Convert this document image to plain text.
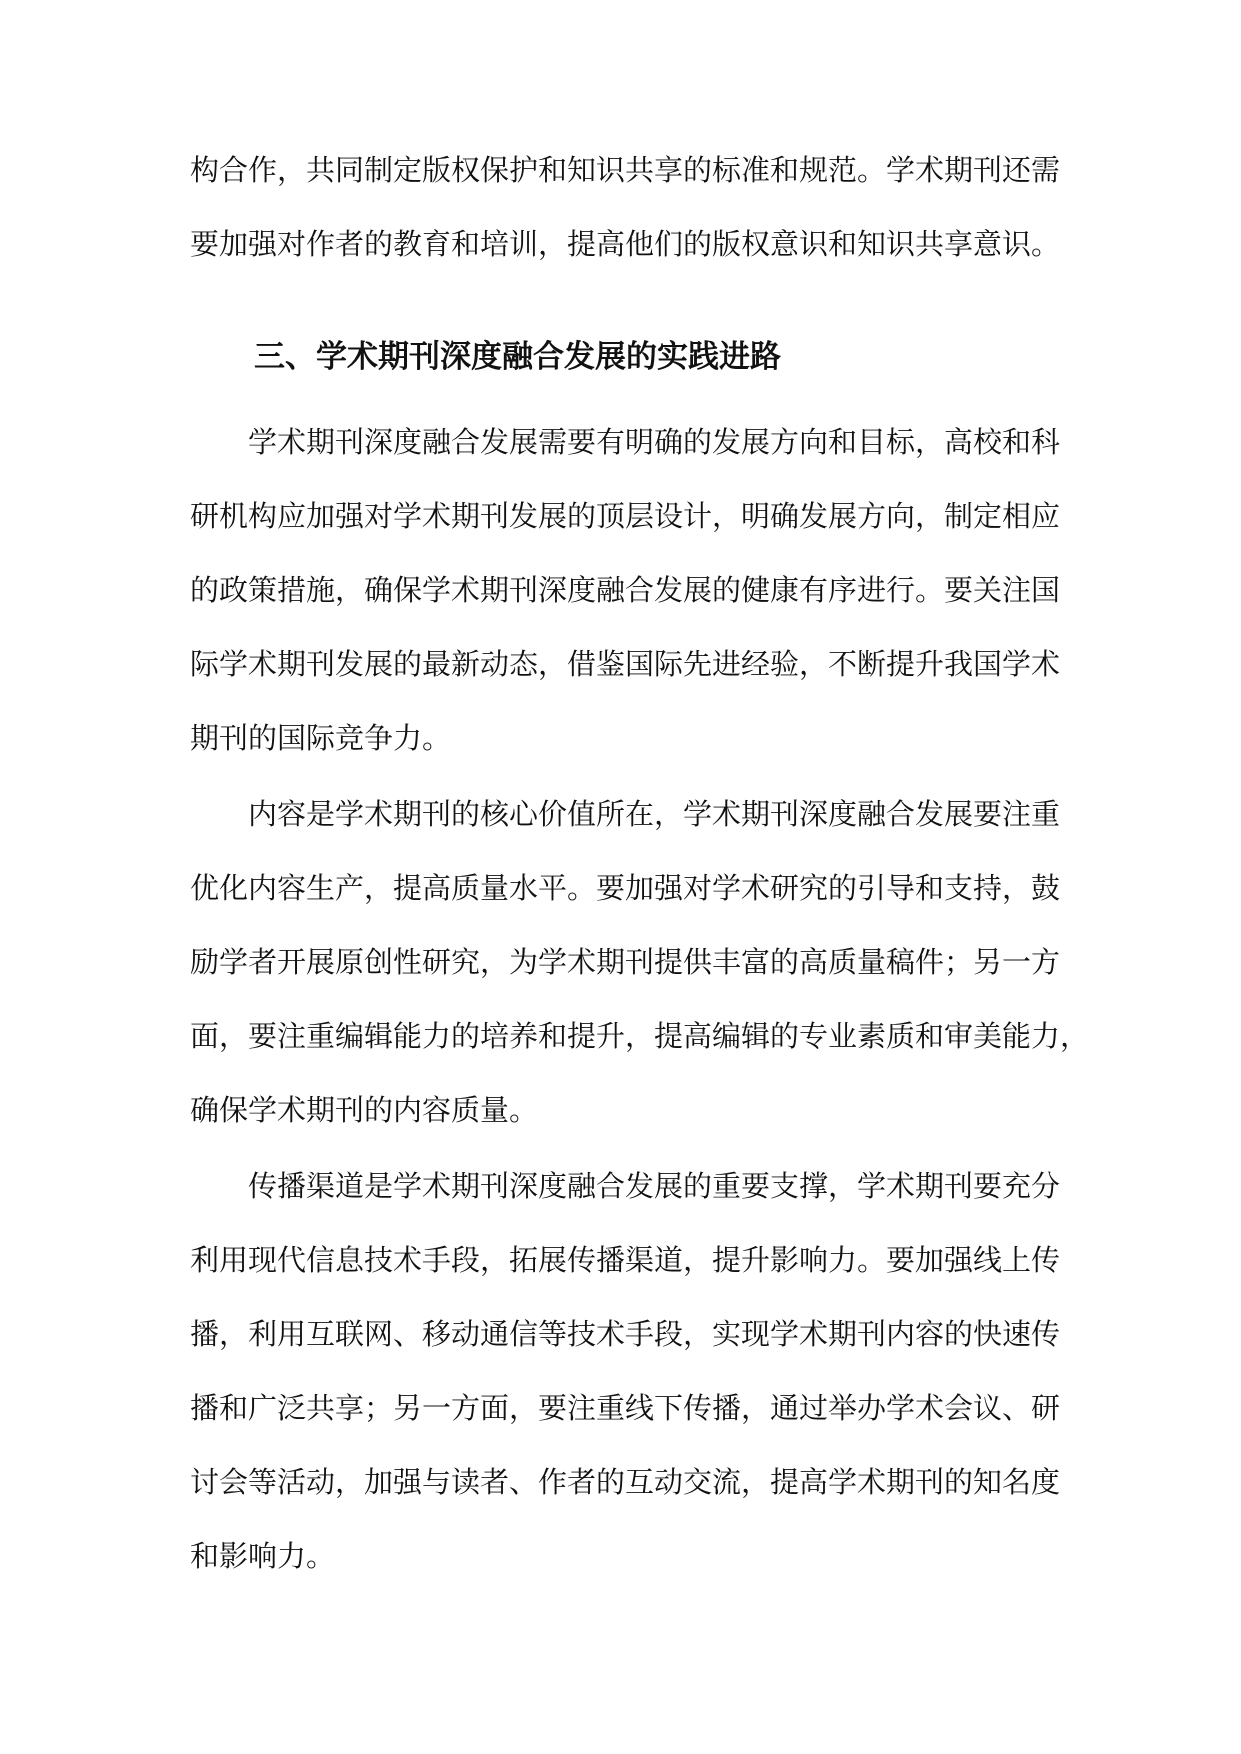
构合作，共同制定版权保护和知识共享的标准和规范。学术期刊还需
要加强对作者的教育和培训，提高他们的版权意识和知识共享意识。
三、学术期刊深度融合发展的实践进路
学术期刊深度融合发展需要有明确的发展方向和目标，高校和科
研机构应加强对学术期刊发展的顶层设计，明确发展方向，制定相应
的政策措施，确保学术期刊深度融合发展的健康有序进行。要关注国
际学术期刊发展的最新动态，借鉴国际先进经验，不断提升我国学术
期刊的国际竞争力。
内容是学术期刊的核心价值所在，学术期刊深度融合发展要注重
优化内容生产，提高质量水平。要加强对学术研究的引导和支持，鼓
励学者开展原创性研究，为学术期刊提供丰富的高质量稿件；另一方
面，要注重编辑能力的培养和提升，提高编辑的专业素质和审美能力，
确保学术期刊的内容质量。
传播渠道是学术期刊深度融合发展的重要支撑，学术期刊要充分
利用现代信息技术手段，拓展传播渠道，提升影响力。要加强线上传
播，利用互联网、移动通信等技术手段，实现学术期刊内容的快速传
播和广泛共享；另一方面，要注重线下传播，通过举办学术会议、研
讨会等活动，加强与读者、作者的互动交流，提高学术期刊的知名度
和影响力。
